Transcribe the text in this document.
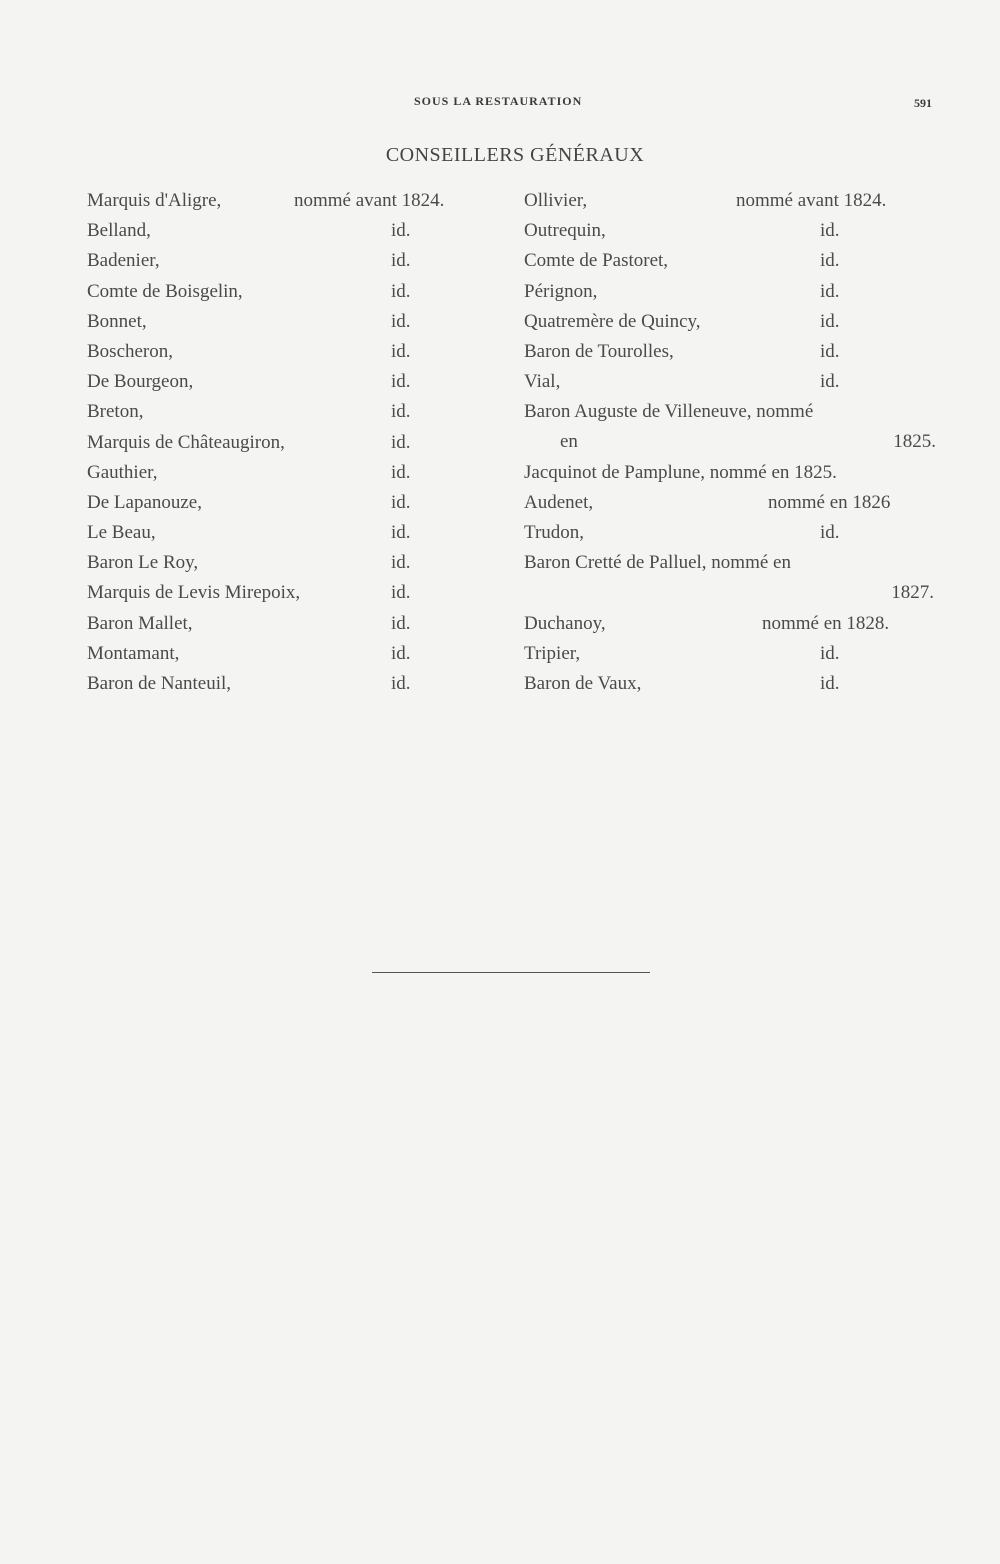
SOUS LA RESTAURATION	591
CONSEILLERS GÉNÉRAUX
Marquis d'Aligre,	nommé avant 1824.
Belland,	id.
Badenier,	id.
Comte de Boisgelin,	id.
Bonnet,	id.
Boscheron,	id.
De Bourgeon,	id.
Breton,	id.
Marquis de Châteaugiron,	id.
Gauthier,	id.
De Lapanouze,	id.
Le Beau,	id.
Baron Le Roy,	id.
Marquis de Levis Mirepoix,	id.
Baron Mallet,	id.
Montamant,	id.
Baron de Nanteuil,	id.
Ollivier,	nommé avant 1824.
Outrequin,	id.
Comte de Pastoret,	id.
Pérignon,	id.
Quatremère de Quincy,	id.
Baron de Tourolles,	id.
Vial,	id.
Baron Auguste de Villeneuve, nommé
en	1825.
Jacquinot de Pamplune, nommé en 1825.
Audenet,	nommé en 1826
Trudon,	id.
Baron Cretté de Palluel, nommé en
1827.
Duchanoy,	nommé en 1828.
Tripier,	id.
Baron de Vaux,	id.
